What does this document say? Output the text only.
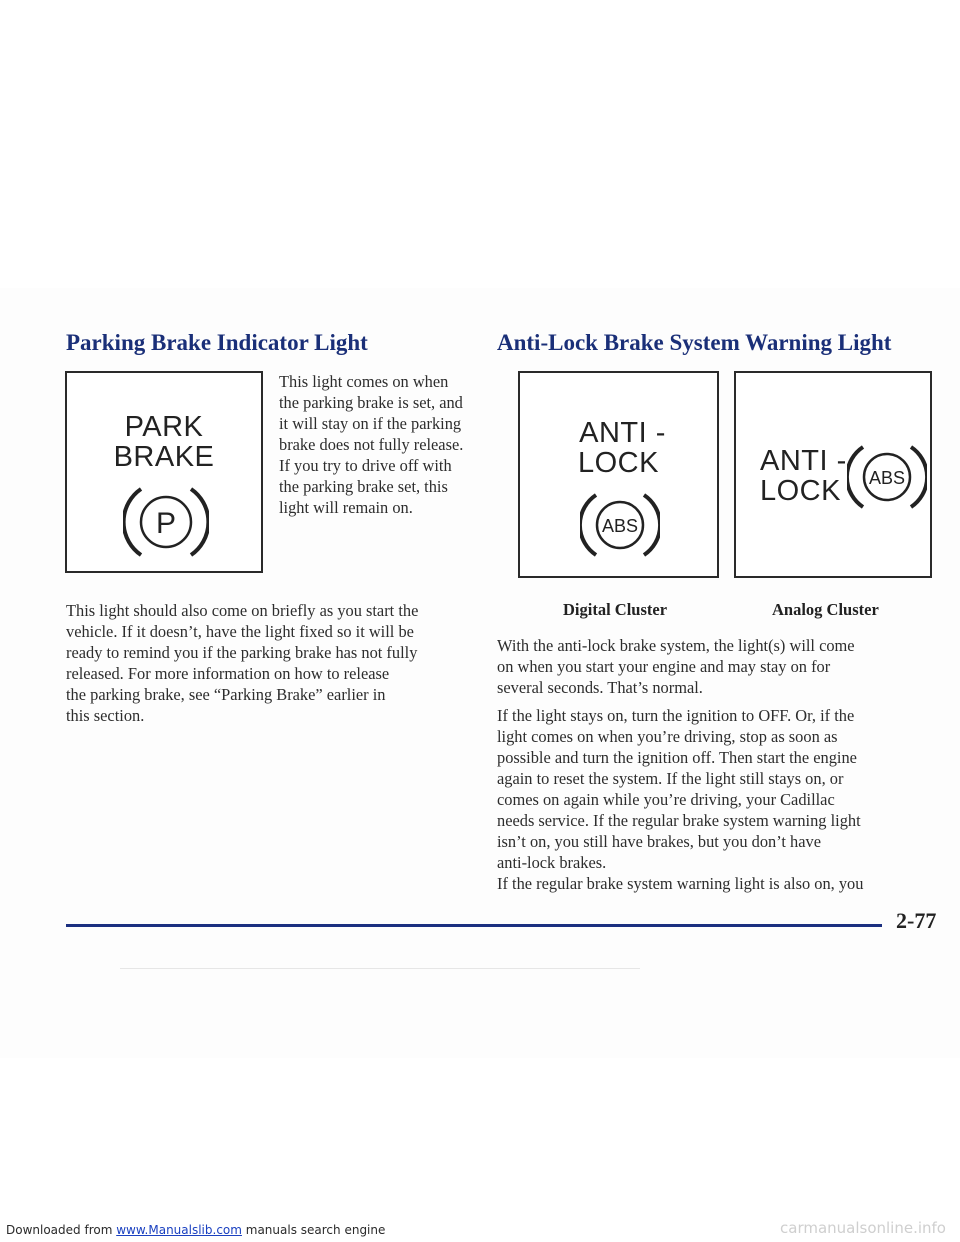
Parking Brake Indicator Light
PARK
BRAKE
P

This light comes on when
the parking brake is set, and
it will stay on if the parking
brake does not fully release.
If you try to drive off with
the parking brake set, this
light will remain on.

This light should also come on briefly as you start the
vehicle. If it doesn’t, have the light fixed so it will be
ready to remind you if the parking brake has not fully
released. For more information on how to release
the parking brake, see “Parking Brake” earlier in
this section.

Anti-Lock Brake System Warning Light
ANTI -
LOCK
ABS
ANTI -
LOCK ABS

Digital Cluster	Analog Cluster

With the anti-lock brake system, the light(s) will come
on when you start your engine and may stay on for
several seconds. That’s normal.

If the light stays on, turn the ignition to OFF. Or, if the
light comes on when you’re driving, stop as soon as
possible and turn the ignition off. Then start the engine
again to reset the system. If the light still stays on, or
comes on again while you’re driving, your Cadillac
needs service. If the regular brake system warning light
isn’t on, you still have brakes, but you don’t have
anti-lock brakes.
If the regular brake system warning light is also on, you

2-77

Downloaded from www.Manualslib.com manuals search engine	carmanualsonline.info
